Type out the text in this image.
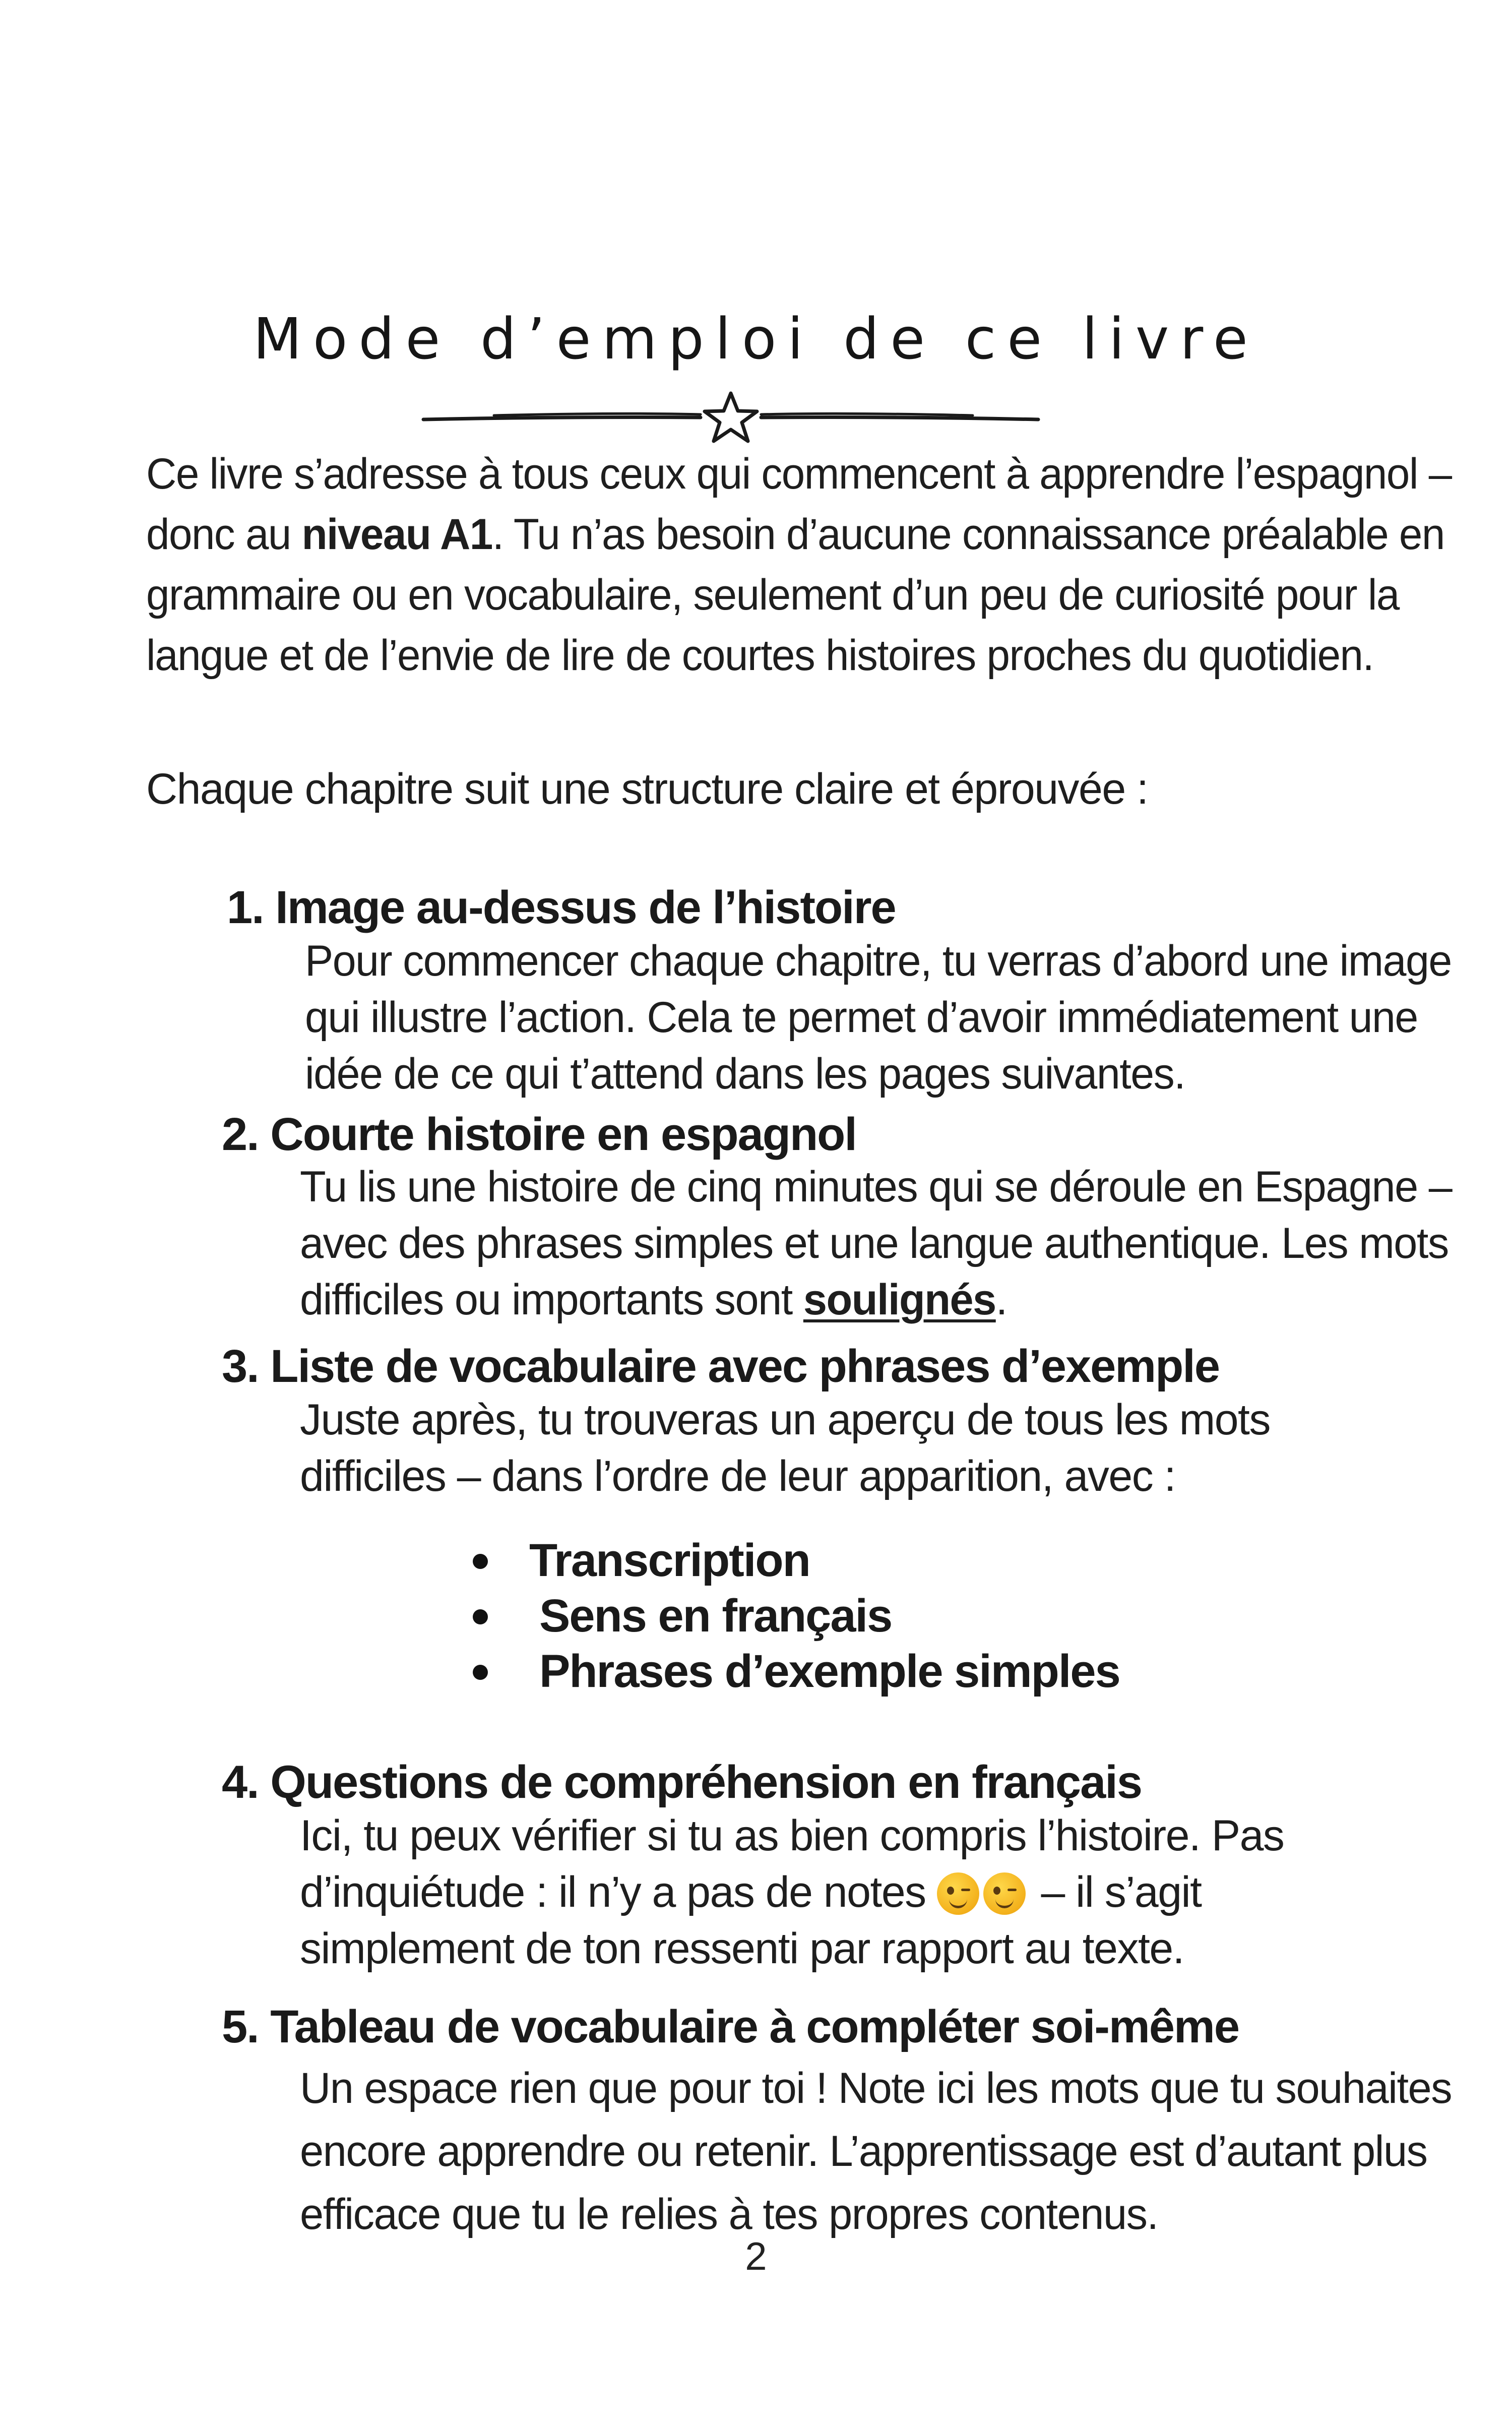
Mode d’emploi de ce livre

Ce livre s’adresse à tous ceux qui commencent à apprendre l’espagnol –

donc au niveau A1. Tu n’as besoin d’aucune connaissance préalable en

grammaire ou en vocabulaire, seulement d’un peu de curiosité pour la

langue et de l’envie de lire de courtes histoires proches du quotidien.

Chaque chapitre suit une structure claire et éprouvée :

1. Image au-dessus de l’histoire

Pour commencer chaque chapitre, tu verras d’abord une image

qui illustre l’action. Cela te permet d’avoir immédiatement une

idée de ce qui t’attend dans les pages suivantes.

2. Courte histoire en espagnol

Tu lis une histoire de cinq minutes qui se déroule en Espagne –

avec des phrases simples et une langue authentique. Les mots

difficiles ou importants sont soulignés.

3. Liste de vocabulaire avec phrases d’exemple

Juste après, tu trouveras un aperçu de tous les mots

difficiles – dans l’ordre de leur apparition, avec :

Transcription
Sens en français
Phrases d’exemple simples
4. Questions de compréhension en français

Ici, tu peux vérifier si tu as bien compris l’histoire. Pas

d’inquiétude : il n’y a pas de notes
– il s’agit

simplement de ton ressenti par rapport au texte.

5. Tableau de vocabulaire à compléter soi-même

Un espace rien que pour toi ! Note ici les mots que tu souhaites

encore apprendre ou retenir. L’apprentissage est d’autant plus

efficace que tu le relies à tes propres contenus.

2
